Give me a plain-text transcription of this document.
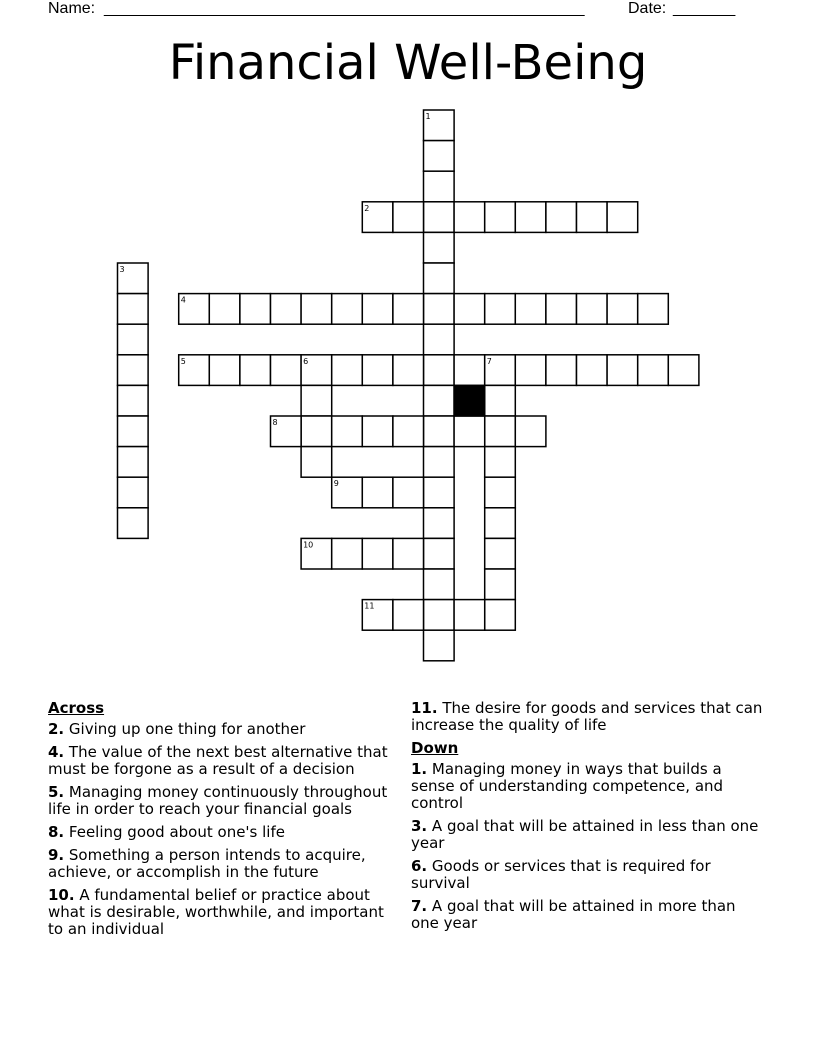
Name: ______________________________________________________	Date: _______
Financial Well-Being
1
2
3
4
5	6	7
8
9
10
11
Across
2. Giving up one thing for another
4. The value of the next best alternative that must be forgone as a result of a decision
5. Managing money continuously throughout life in order to reach your financial goals
8. Feeling good about one's life
9. Something a person intends to acquire, achieve, or accomplish in the future
10. A fundamental belief or practice about what is desirable, worthwhile, and important to an individual
11. The desire for goods and services that can increase the quality of life
Down
1. Managing money in ways that builds a sense of understanding competence, and control
3. A goal that will be attained in less than one year
6. Goods or services that is required for survival
7. A goal that will be attained in more than one year
